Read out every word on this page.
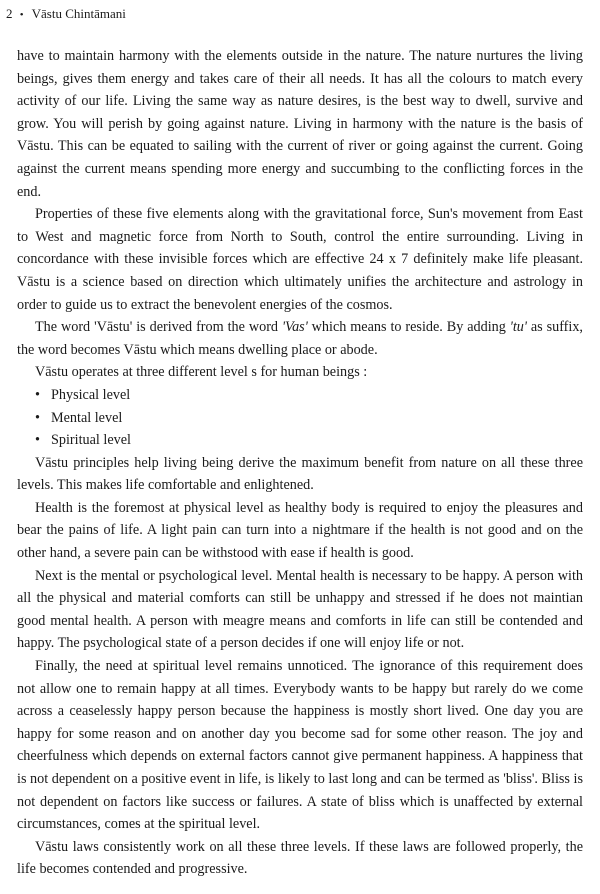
2 • Vāstu Chintāmani

have to maintain harmony with the elements outside in the nature. The nature nurtures the living beings, gives them energy and takes care of their all needs. It has all the colours to match every activity of our life. Living the same way as nature desires, is the best way to dwell, survive and grow. You will perish by going against nature. Living in harmony with the nature is the basis of Vāstu. This can be equated to sailing with the current of river or going against the current. Going against the current means spending more energy and succumbing to the conflicting forces in the end.

Properties of these five elements along with the gravitational force, Sun's movement from East to West and magnetic force from North to South, control the entire surrounding. Living in concordance with these invisible forces which are effective 24 x 7 definitely make life pleasant. Vāstu is a science based on direction which ultimately unifies the architecture and astrology in order to guide us to extract the benevolent energies of the cosmos.

The word 'Vāstu' is derived from the word 'Vas' which means to reside. By adding 'tu' as suffix, the word becomes Vāstu which means dwelling place or abode.

Vāstu operates at three different level s for human beings :

• Physical level
• Mental level
• Spiritual level

Vāstu principles help living being derive the maximum benefit from nature on all these three levels. This makes life comfortable and enlightened.

Health is the foremost at physical level as healthy body is required to enjoy the pleasures and bear the pains of life. A light pain can turn into a nightmare if the health is not good and on the other hand, a severe pain can be withstood with ease if health is good.

Next is the mental or psychological level. Mental health is necessary to be happy. A person with all the physical and material comforts can still be unhappy and stressed if he does not maintian good mental health. A person with meagre means and comforts in life can still be contended and happy. The psychological state of a person decides if one will enjoy life or not.

Finally, the need at spiritual level remains unnoticed. The ignorance of this requirement does not allow one to remain happy at all times. Everybody wants to be happy but rarely do we come across a ceaselessly happy person because the happiness is mostly short lived. One day you are happy for some reason and on another day you become sad for some other reason. The joy and cheerfulness which depends on external factors cannot give permanent happiness. A happiness that is not dependent on a positive event in life, is likely to last long and can be termed as 'bliss'. Bliss is not dependent on factors like success or failures. A state of bliss which is unaffected by external circumstances, comes at the spiritual level.

Vāstu laws consistently work on all these three levels. If these laws are followed properly, the life becomes contended and progressive.
